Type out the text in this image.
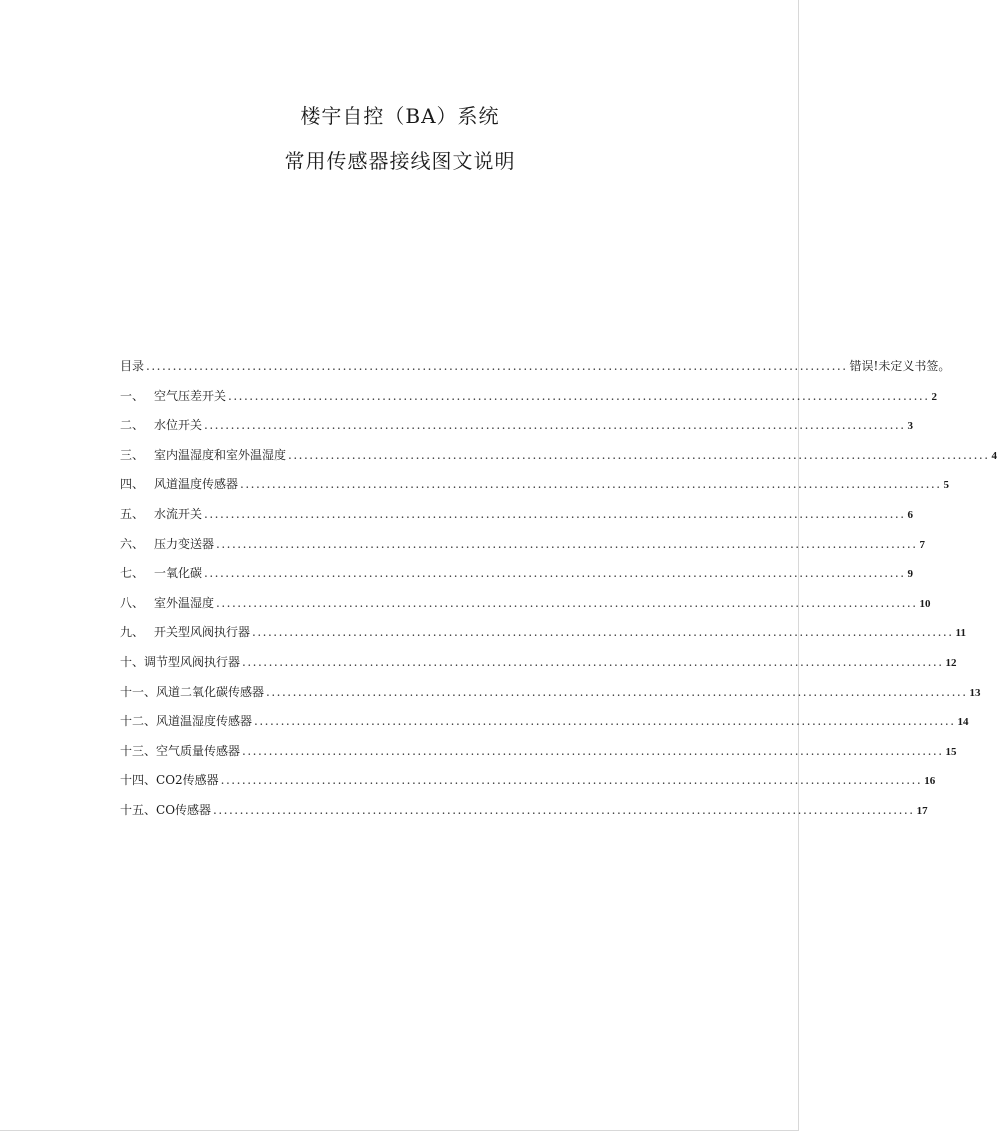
楼宇自控（BA）系统
常用传感器接线图文说明
目录 .................................................................................................................................... 错误!未定义书签。
一、 空气压差开关 .................................................................................................................................... 2
二、 水位开关 .................................................................................................................................... 3
三、 室内温湿度和室外温湿度 .................................................................................................................................... 4
四、 风道温度传感器 .................................................................................................................................... 5
五、 水流开关 .................................................................................................................................... 6
六、 压力变送器 .................................................................................................................................... 7
七、 一氧化碳 .................................................................................................................................... 9
八、 室外温湿度 .................................................................................................................................... 10
九、 开关型风阀执行器 .................................................................................................................................... 11
十、 调节型风阀执行器 .................................................................................................................................... 12
十一、 风道二氧化碳传感器 .................................................................................................................................... 13
十二、 风道温湿度传感器 .................................................................................................................................... 14
十三、 空气质量传感器 .................................................................................................................................... 15
十四、 CO2传感器 .................................................................................................................................... 16
十五、 CO传感器 .................................................................................................................................... 17
